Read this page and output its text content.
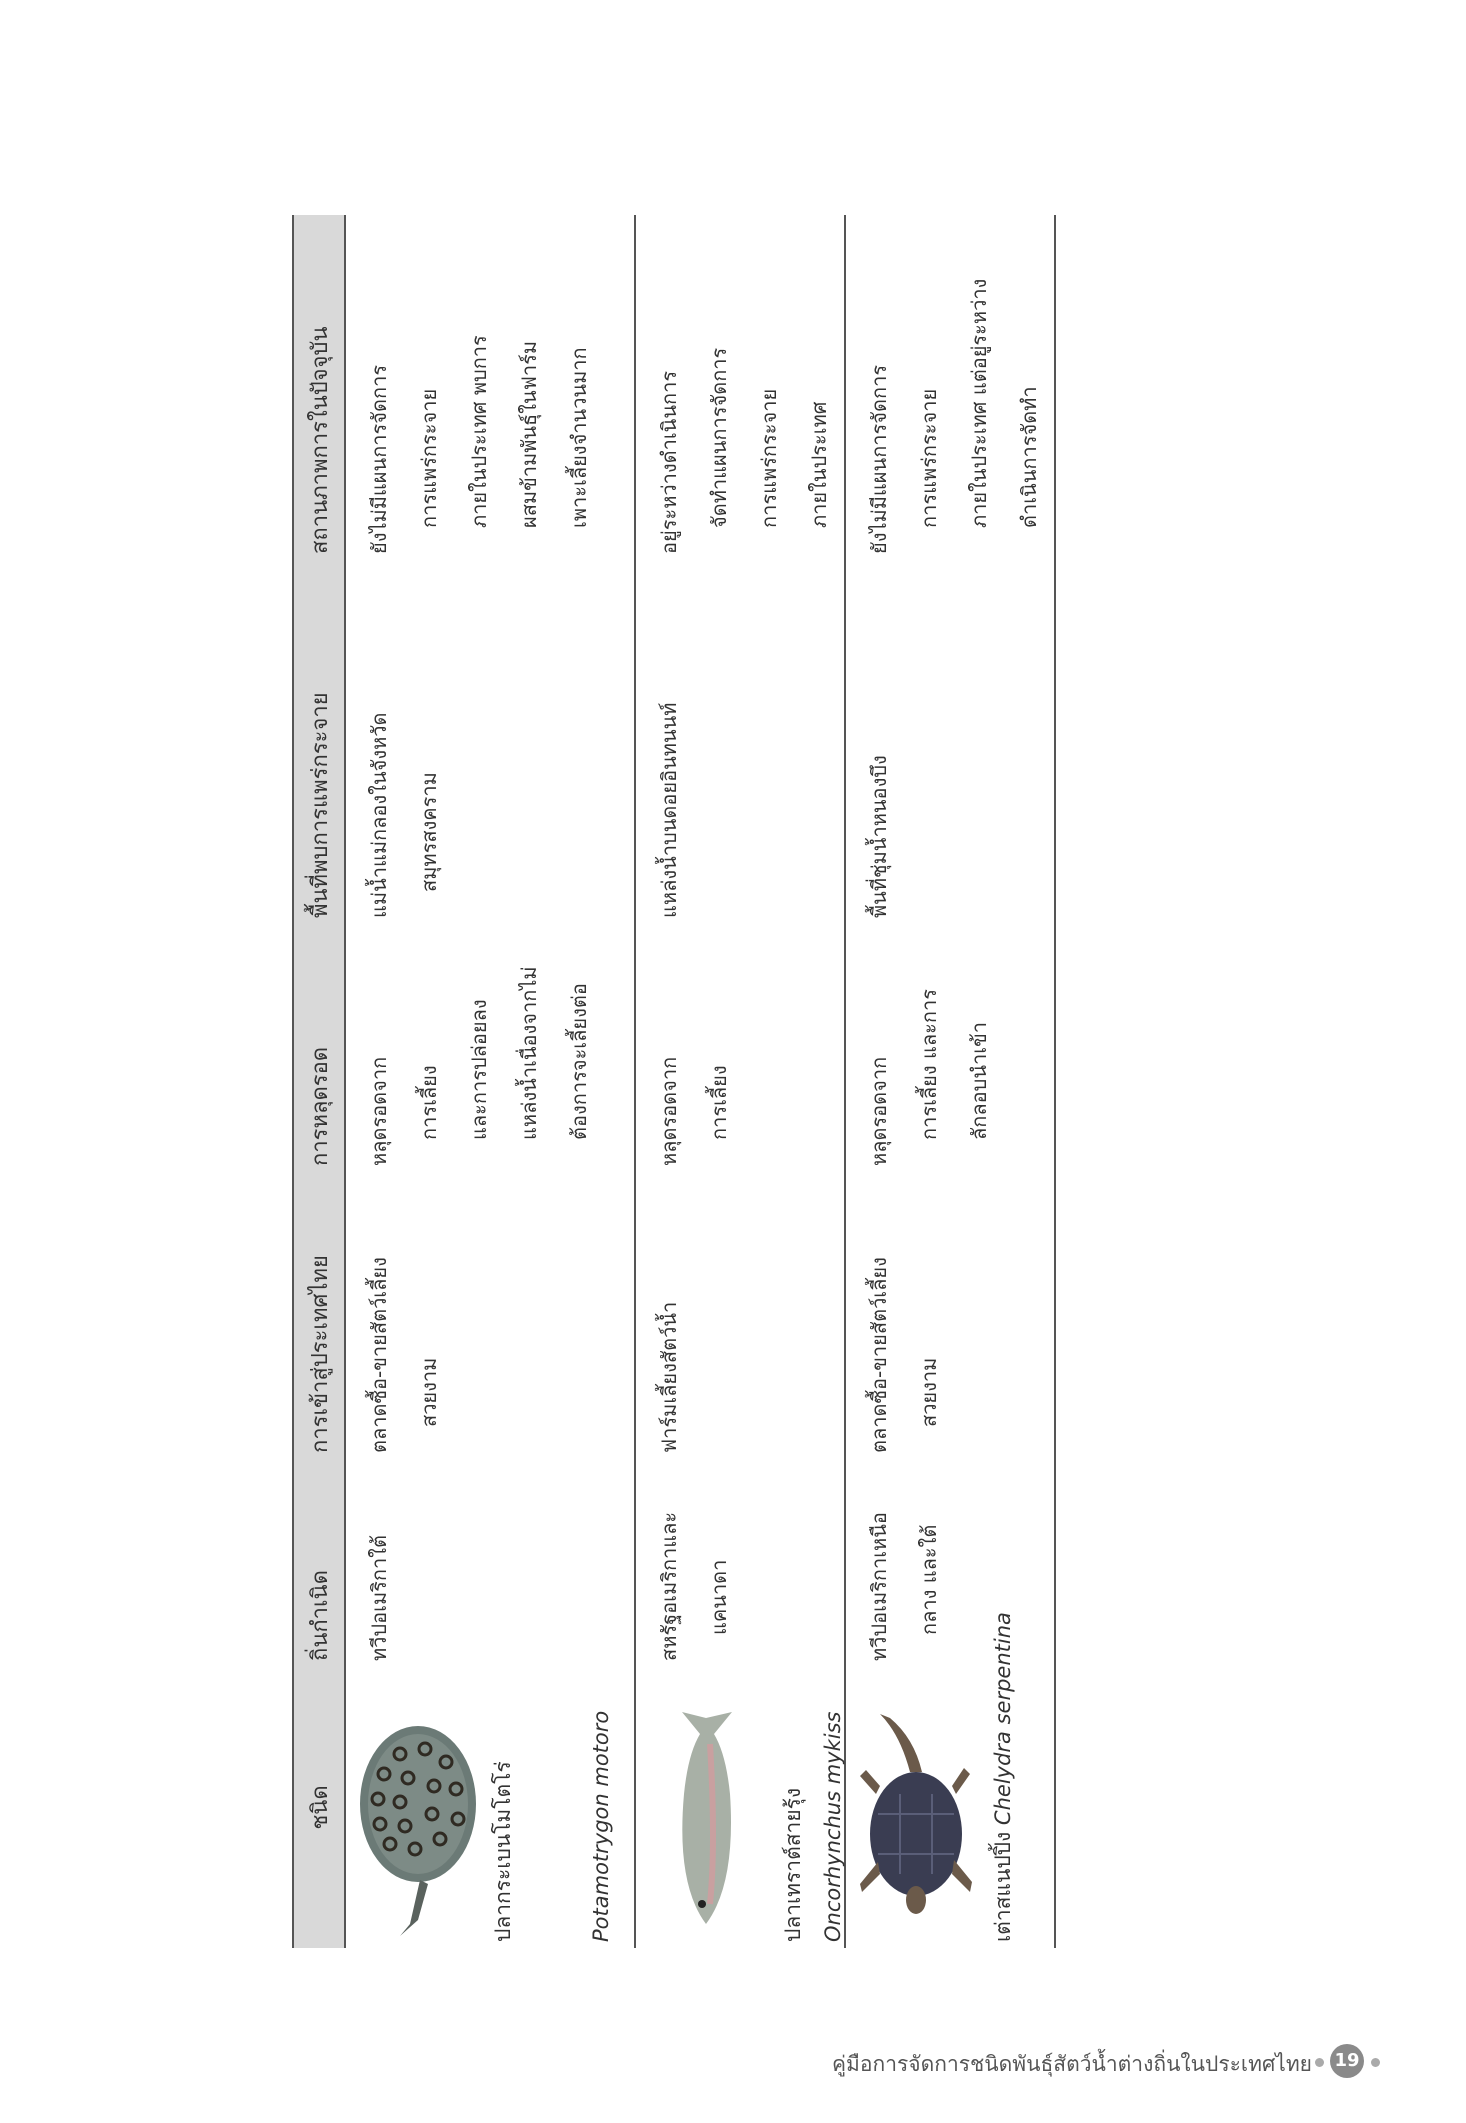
ชนิด	ถิ่นกำเนิด	การเข้าสู่ประเทศไทย	การหลุดรอด	พื้นที่พบการแพร่กระจาย	สถานภาพการในปัจจุบัน

ปลากระเบนโมโตโร่ Potamotrygon motoro	ทวีปอเมริกาใต้	ตลาดซื้อ-ขายสัตว์เลี้ยง สวยงาม	หลุดรอดจาก การเลี้ยง และการปล่อยลง แหล่งน้ำเนื่องจากไม่ ต้องการจะเลี้ยงต่อ	แม่น้ำแม่กลองในจังหวัด สมุทรสงคราม	ยังไม่มีแผนการจัดการ การแพร่กระจาย ภายในประเทศ พบการ ผสมข้ามพันธุ์ในฟาร์ม เพาะเลี้ยงจำนวนมาก

ปลาเทราต์สายรุ้ง Oncorhynchus mykiss	สหรัฐอเมริกาและ แคนาดา	ฟาร์มเลี้ยงสัตว์น้ำ	หลุดรอดจาก การเลี้ยง	แหล่งน้ำบนดอยอินทนนท์	อยู่ระหว่างดำเนินการ จัดทำแผนการจัดการ การแพร่กระจาย ภายในประเทศ

เต่าสแนปปิ้ง Chelydra serpentina	ทวีปอเมริกาเหนือ กลาง และใต้	ตลาดซื้อ-ขายสัตว์เลี้ยง สวยงาม	หลุดรอดจาก การเลี้ยง และการ ลักลอบนำเข้า	พื้นที่ชุ่มน้ำหนองบึง	ยังไม่มีแผนการจัดการ การแพร่กระจาย ภายในประเทศ แต่อยู่ระหว่าง ดำเนินการจัดทำ
คู่มือการจัดการชนิดพันธุ์สัตว์น้ำต่างถิ่นในประเทศไทย 19
